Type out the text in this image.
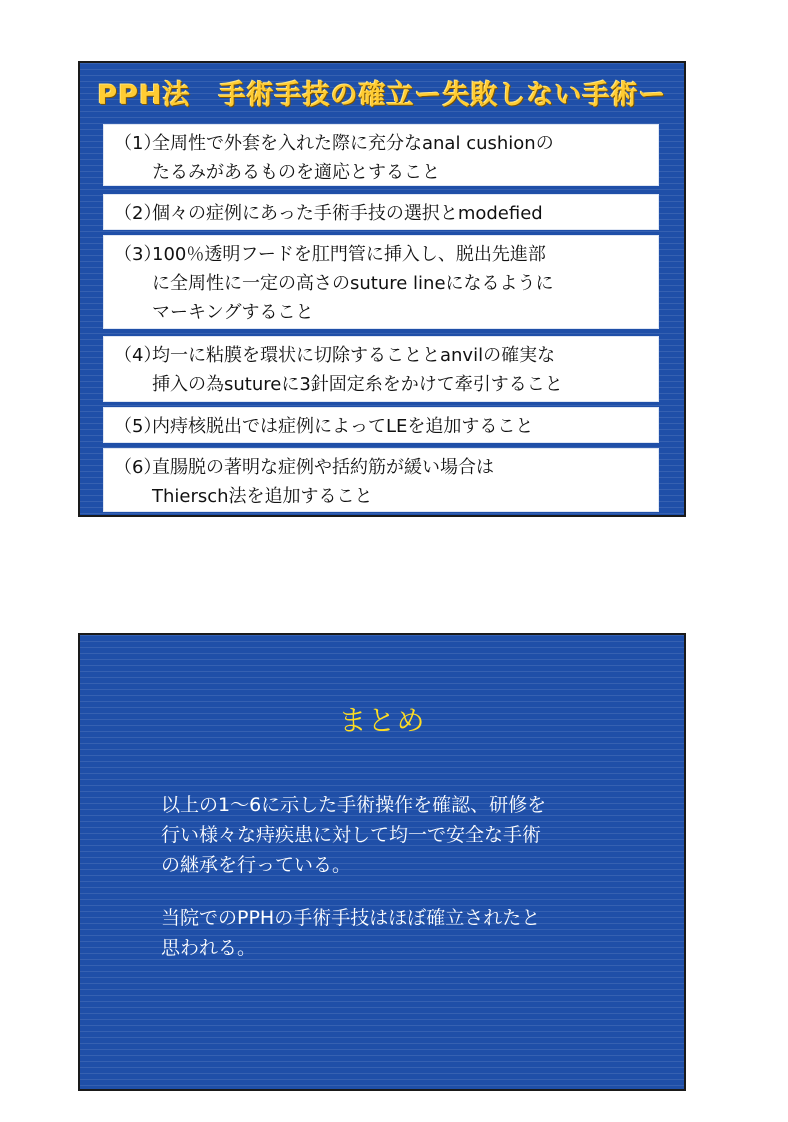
PPH法　手術手技の確立ー失敗しない手術ー
（1）
全周性で外套を入れた際に充分なanal cushionの
たるみがあるものを適応とすること
（2）
個々の症例にあった手術手技の選択とmodefied
（3）
100％透明フードを肛門管に挿入し、脱出先進部
に全周性に一定の高さのsuture lineになるように
マーキングすること
（4）
均一に粘膜を環状に切除することとanvilの確実な
挿入の為sutureに3針固定糸をかけて牽引すること
（5）
内痔核脱出では症例によってLEを追加すること
（6）
直腸脱の著明な症例や括約筋が緩い場合は
Thiersch法を追加すること
まとめ
以上の1～6に示した手術操作を確認、研修を
行い様々な痔疾患に対して均一で安全な手術
の継承を行っている。
当院でのPPHの手術手技はほぼ確立されたと
思われる。
